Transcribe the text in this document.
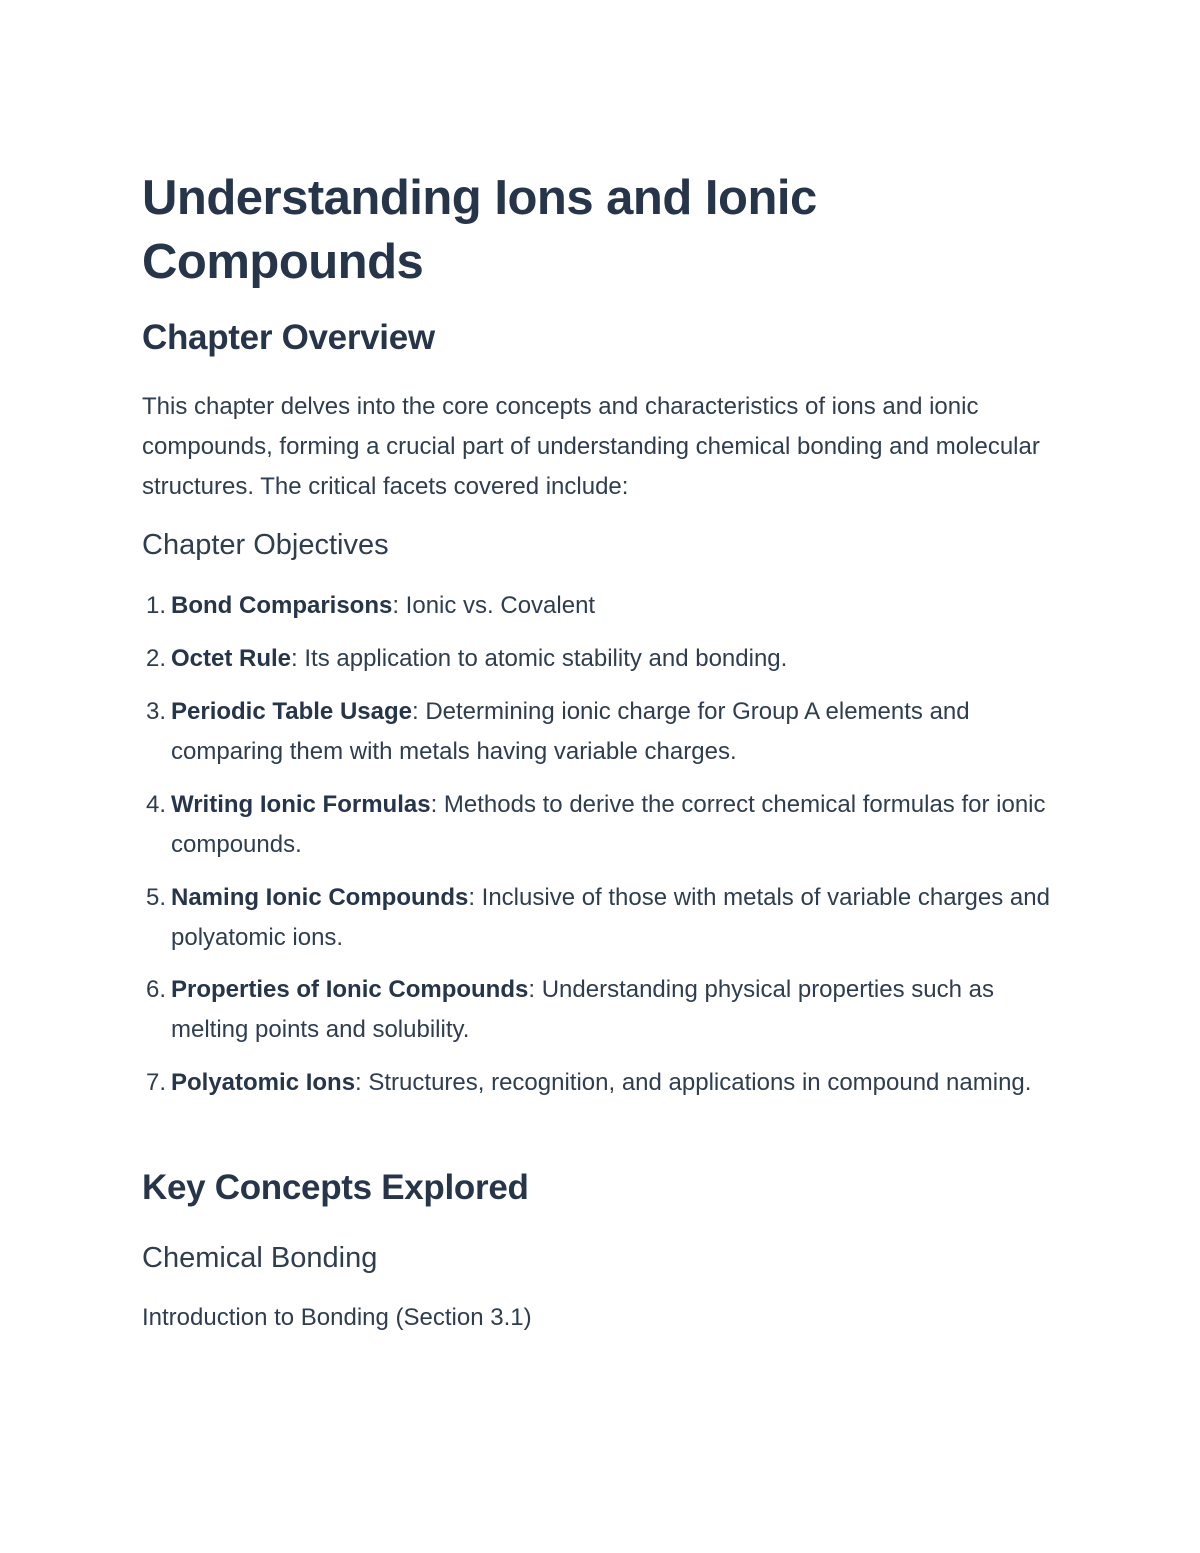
Understanding Ions and Ionic Compounds
Chapter Overview

This chapter delves into the core concepts and characteristics of ions and ionic compounds, forming a crucial part of understanding chemical bonding and molecular structures. The critical facets covered include:

Chapter Objectives
1. Bond Comparisons: Ionic vs. Covalent
2. Octet Rule: Its application to atomic stability and bonding.
3. Periodic Table Usage: Determining ionic charge for Group A elements and comparing them with metals having variable charges.
4. Writing Ionic Formulas: Methods to derive the correct chemical formulas for ionic compounds.
5. Naming Ionic Compounds: Inclusive of those with metals of variable charges and polyatomic ions.
6. Properties of Ionic Compounds: Understanding physical properties such as melting points and solubility.
7. Polyatomic Ions: Structures, recognition, and applications in compound naming.
Key Concepts Explored
Chemical Bonding
Introduction to Bonding (Section 3.1)
